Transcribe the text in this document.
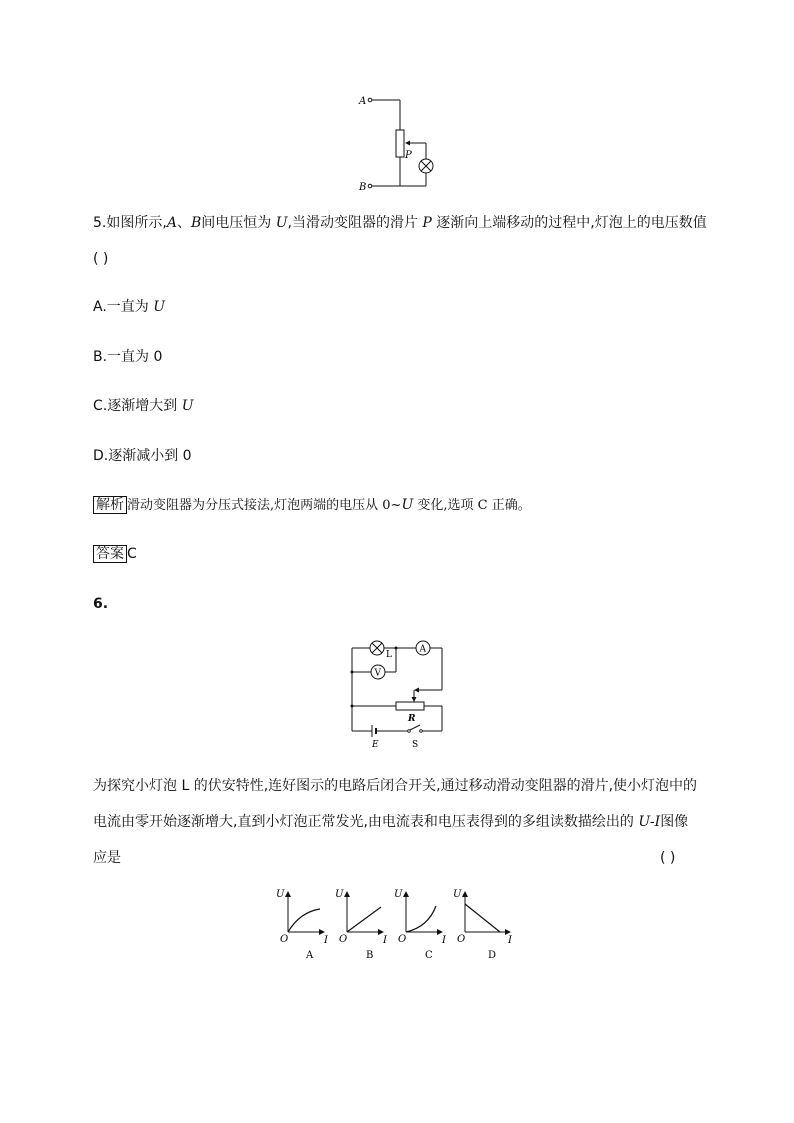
A
B
P
5.如图所示,A、B间电压恒为 U,当滑动变阻器的滑片 P 逐渐向上端移动的过程中,灯泡上的电压数值
( )
A.一直为 U
B.一直为 0
C.逐渐增大到 U
D.逐渐减小到 0
解析 滑动变阻器为分压式接法,灯泡两端的电压从 0~U 变化,选项 C 正确。
答案 C
6.
L
A
V
R
E	S
为探究小灯泡 L 的伏安特性,连好图示的电路后闭合开关,通过移动滑动变阻器的滑片,使小灯泡中的
电流由零开始逐渐增大,直到小灯泡正常发光,由电流表和电压表得到的多组读数描绘出的 U-I图像
应是	( )
U
O	I
A
U
O	I
B
U
O	I
C
U
O	I
D
